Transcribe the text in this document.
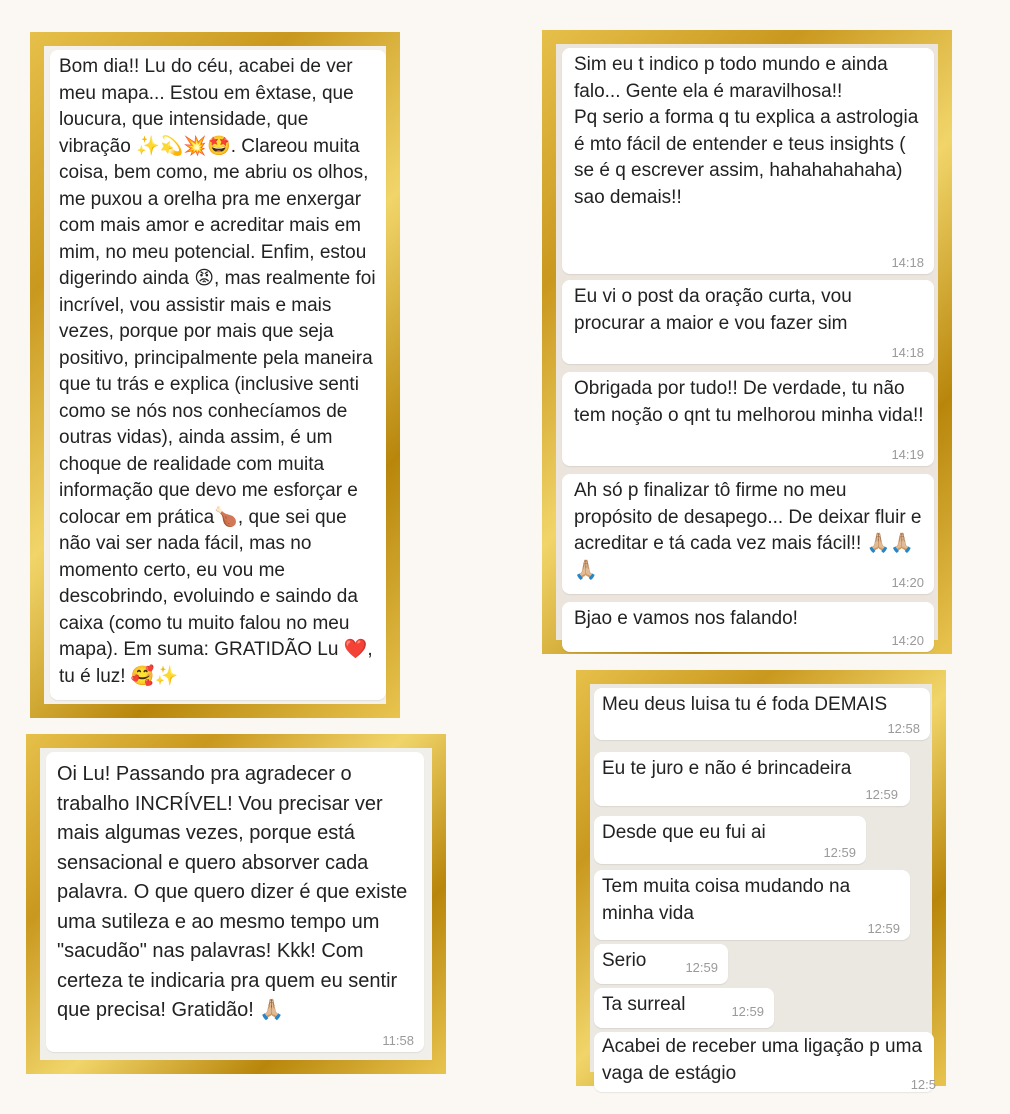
Bom dia!! Lu do céu, acabei de ver meu mapa... Estou em êxtase, que loucura, que intensidade, que vibração ✨💫💥🤩. Clareou muita coisa, bem como, me abriu os olhos, me puxou a orelha pra me enxergar com mais amor e acreditar mais em mim, no meu potencial. Enfim, estou digerindo ainda 😡, mas realmente foi incrível, vou assistir mais e mais vezes, porque por mais que seja positivo, principalmente pela maneira que tu trás e explica (inclusive senti como se nós nos conhecíamos de outras vidas), ainda assim, é um choque de realidade com muita informação que devo me esforçar e colocar em prática🍗, que sei que não vai ser nada fácil, mas no momento certo, eu vou me descobrindo, evoluindo e saindo da caixa (como tu muito falou no meu mapa). Em suma: GRATIDÃO Lu ❤️, tu é luz! 🥰✨
Sim eu t indico p todo mundo e ainda falo... Gente ela é maravilhosa!!
Pq serio a forma q tu explica a astrologia é mto fácil de entender e teus insights ( se é q escrever assim, hahahahahaha) sao demais!!
14:18
Eu vi o post da oração curta, vou procurar a maior e vou fazer sim
14:18
Obrigada por tudo!! De verdade, tu não tem noção o qnt tu melhorou minha vida!!
14:19
Ah só p finalizar tô firme no meu propósito de desapego... De deixar fluir e acreditar e tá cada vez mais fácil!! 🙏🏼🙏🏼🙏🏼
14:20
Bjao e vamos nos falando!
14:20
Oi Lu! Passando pra agradecer o trabalho INCRÍVEL! Vou precisar ver mais algumas vezes, porque está sensacional e quero absorver cada palavra. O que quero dizer é que existe uma sutileza e ao mesmo tempo um "sacudão" nas palavras! Kkk! Com certeza te indicaria pra quem eu sentir que precisa! Gratidão! 🙏🏼
11:58
Meu deus luisa tu é foda DEMAIS
12:58
Eu te juro e não é brincadeira
12:59
Desde que eu fui ai
12:59
Tem muita coisa mudando na minha vida
12:59
Serio	12:59
Ta surreal	12:59
Acabei de receber uma ligação p uma vaga de estágio
12:5
